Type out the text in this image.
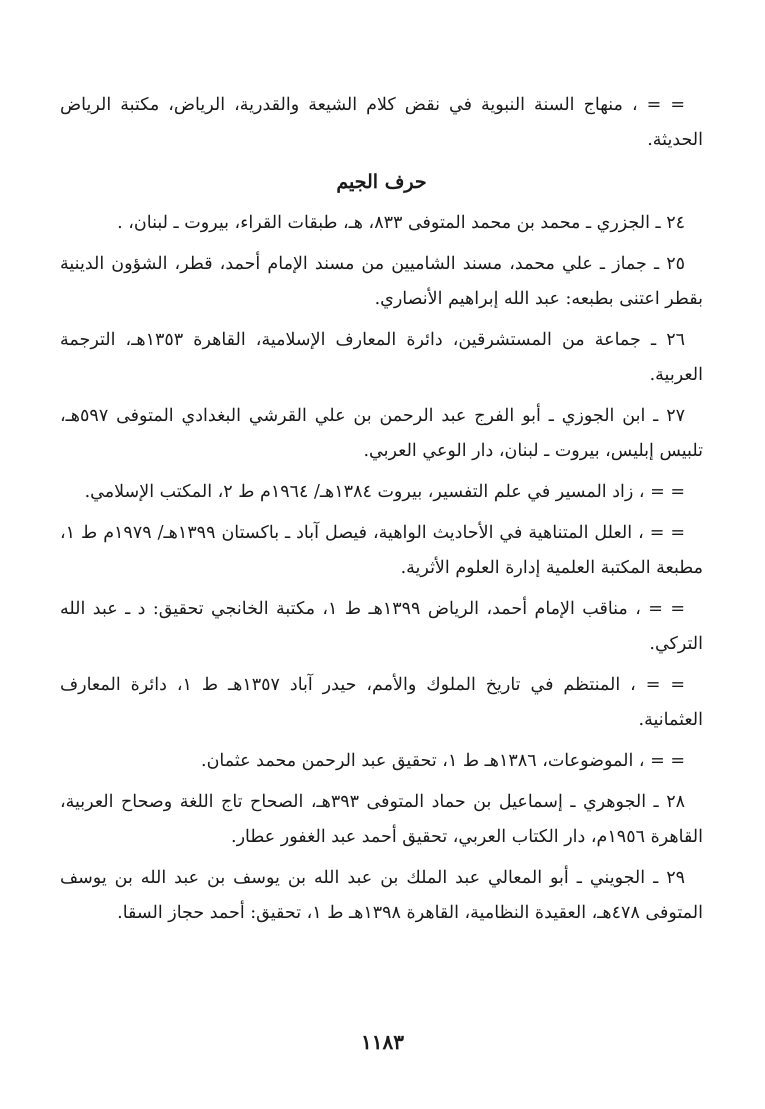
= = ، منهاج السنة النبوية في نقض كلام الشيعة والقدرية، الرياض، مكتبة الرياض الحديثة.

حرف الجيم

٢٤ ـ الجزري ـ محمد بن محمد المتوفى ٨٣٣، هـ، طبقات القراء، بيروت ـ لبنان، .

٢٥ ـ جماز ـ علي محمد، مسند الشاميين من مسند الإمام أحمد، قطر، الشؤون الدينية بقطر اعتنى بطبعه: عبد الله إبراهيم الأنصاري.

٢٦ ـ جماعة من المستشرقين، دائرة المعارف الإسلامية، القاهرة ١٣٥٣هـ، الترجمة العربية.

٢٧ ـ ابن الجوزي ـ أبو الفرج عبد الرحمن بن علي القرشي البغدادي المتوفى ٥٩٧هـ، تلبيس إبليس، بيروت ـ لبنان، دار الوعي العربي.

= = ، زاد المسير في علم التفسير، بيروت ١٣٨٤هـ/ ١٩٦٤م ط ٢، المكتب الإسلامي.

= = ، العلل المتناهية في الأحاديث الواهية، فيصل آباد ـ باكستان ١٣٩٩هـ/ ١٩٧٩م ط ١، مطبعة المكتبة العلمية إدارة العلوم الأثرية.

= = ، مناقب الإمام أحمد، الرياض ١٣٩٩هـ ط ١، مكتبة الخانجي تحقيق: د ـ عبد الله التركي.

= = ، المنتظم في تاريخ الملوك والأمم، حيدر آباد ١٣٥٧هـ ط ١، دائرة المعارف العثمانية.

= = ، الموضوعات، ١٣٨٦هـ ط ١، تحقيق عبد الرحمن محمد عثمان.

٢٨ ـ الجوهري ـ إسماعيل بن حماد المتوفى ٣٩٣هـ، الصحاح تاج اللغة وصحاح العربية، القاهرة ١٩٥٦م، دار الكتاب العربي، تحقيق أحمد عبد الغفور عطار.

٢٩ ـ الجويني ـ أبو المعالي عبد الملك بن عبد الله بن يوسف بن عبد الله بن يوسف المتوفى ٤٧٨هـ، العقيدة النظامية، القاهرة ١٣٩٨هـ ط ١، تحقيق: أحمد حجاز السقا.

١١٨٣
